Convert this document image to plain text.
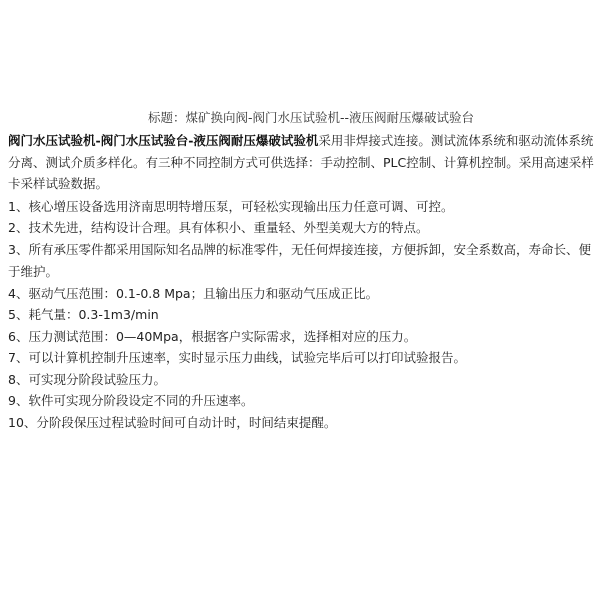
标题：煤矿换向阀-阀门水压试验机--液压阀耐压爆破试验台

阀门水压试验机-阀门水压试验台-液压阀耐压爆破试验机采用非焊接式连接。测试流体系统和驱动流体系统分离、测试介质多样化。有三种不同控制方式可供选择：手动控制、PLC控制、计算机控制。采用高速采样卡采样试验数据。

1、核心增压设备选用济南思明特增压泵，可轻松实现输出压力任意可调、可控。
2、技术先进，结构设计合理。具有体积小、重量轻、外型美观大方的特点。
3、所有承压零件都采用国际知名品牌的标准零件，无任何焊接连接，方便拆卸，安全系数高，寿命长、便于维护。
4、驱动气压范围：0.1-0.8 Mpa；且输出压力和驱动气压成正比。
5、耗气量：0.3-1m3/min
6、压力测试范围：0—40Mpa，根据客户实际需求，选择相对应的压力。
7、可以计算机控制升压速率，实时显示压力曲线，试验完毕后可以打印试验报告。
8、可实现分阶段试验压力。
9、软件可实现分阶段设定不同的升压速率。
10、分阶段保压过程试验时间可自动计时，时间结束提醒。
